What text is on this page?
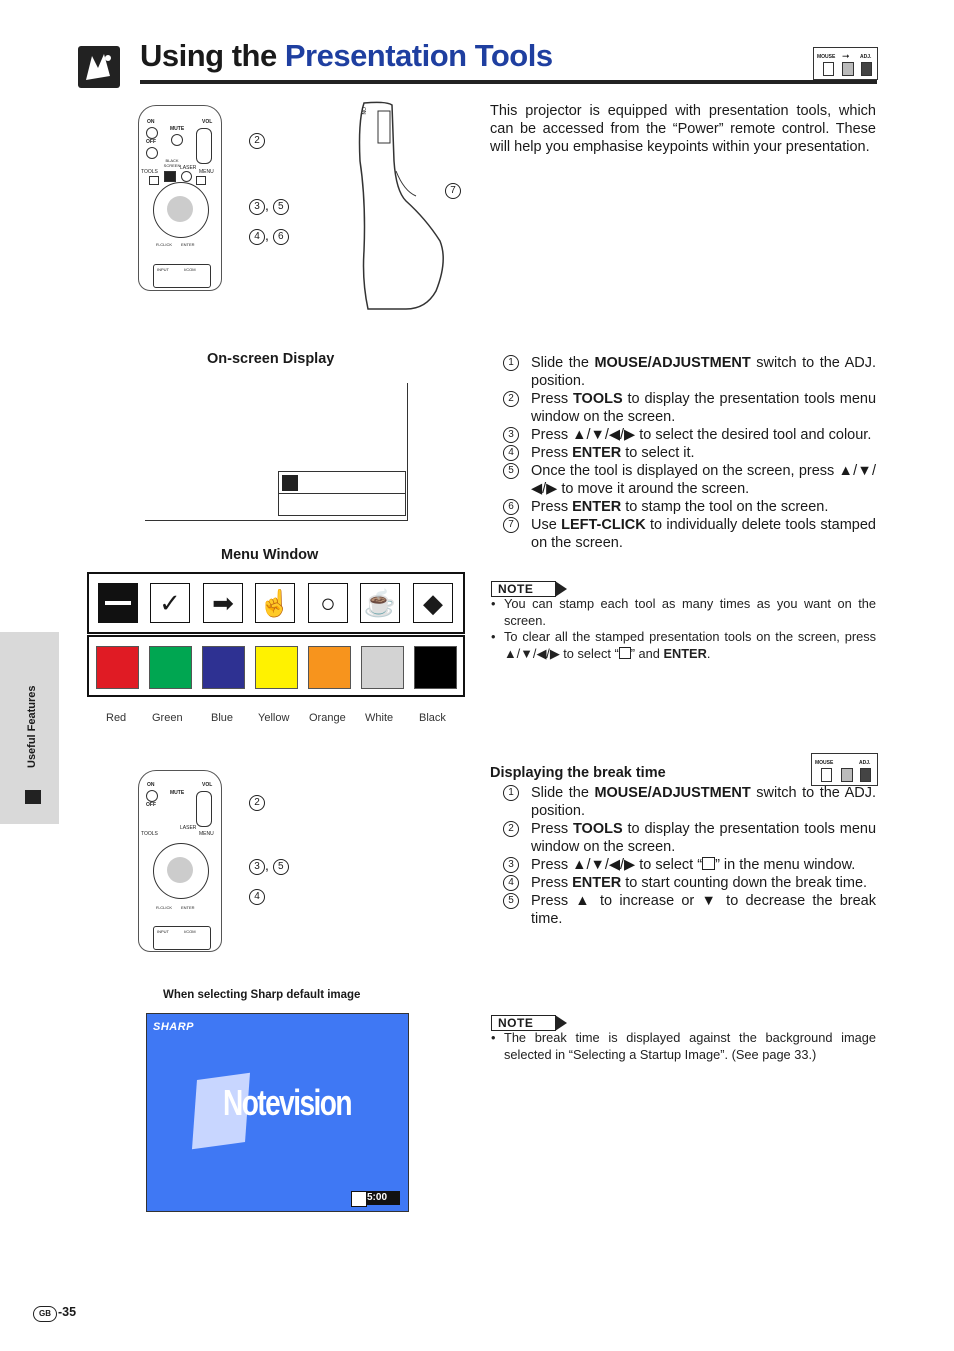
Using the Presentation Tools	MOUSE	ADJ.
➞
ON
OFF
MUTE
VOL
BLACK SCREEN
TOOLS
LASER
MENU
R-CLICK ENTER
INPUT	I/COM
2
3 , 5
4 , 6
ON
7
This projector is equipped with presentation tools, which can be accessed from the “Power” remote control. These will help you emphasise keypoints within your presentation.
On-screen Display
Menu Window
✓	➡ ☝	○	☕	◆
Red Green	Blue Yellow Orange White Black
1	Slide the MOUSE/ADJUSTMENT switch to the ADJ. position.
2	Press TOOLS to display the presentation tools menu window on the screen.
3	Press ▲/▼/◀/▶ to select the desired tool and colour.
4	Press ENTER to select it.
5	Once the tool is displayed on the screen, press ▲/▼/◀/▶ to move it around the screen.
6	Press ENTER to stamp the tool on the screen.
7	Use LEFT-CLICK to individually delete tools stamped on the screen.
NOTE
• You can stamp each tool as many times as you want on the screen.
• To clear all the stamped presentation tools on the screen, press ▲/▼/◀/▶ to select “ ” and ENTER.
Useful Features
ON
OFF
MUTE
VOL
TOOLS
LASER
MENU
R-CLICK ENTER
INPUT	I/COM
2
3 , 5
4
Displaying the break time
MOUSE	ADJ.
1	Slide the MOUSE/ADJUSTMENT switch to the ADJ. position.
2	Press TOOLS to display the presentation tools menu window on the screen.
3	Press ▲/▼/◀/▶ to select “ ” in the menu window.
4	Press ENTER to start counting down the break time.
5	Press ▲ to increase or ▼ to decrease the break time.
NOTE
• The break time is displayed against the background image selected in “Selecting a Startup Image”. (See page 33.)
When selecting Sharp default image
SHARP
Notevision
5:00
GB -35
